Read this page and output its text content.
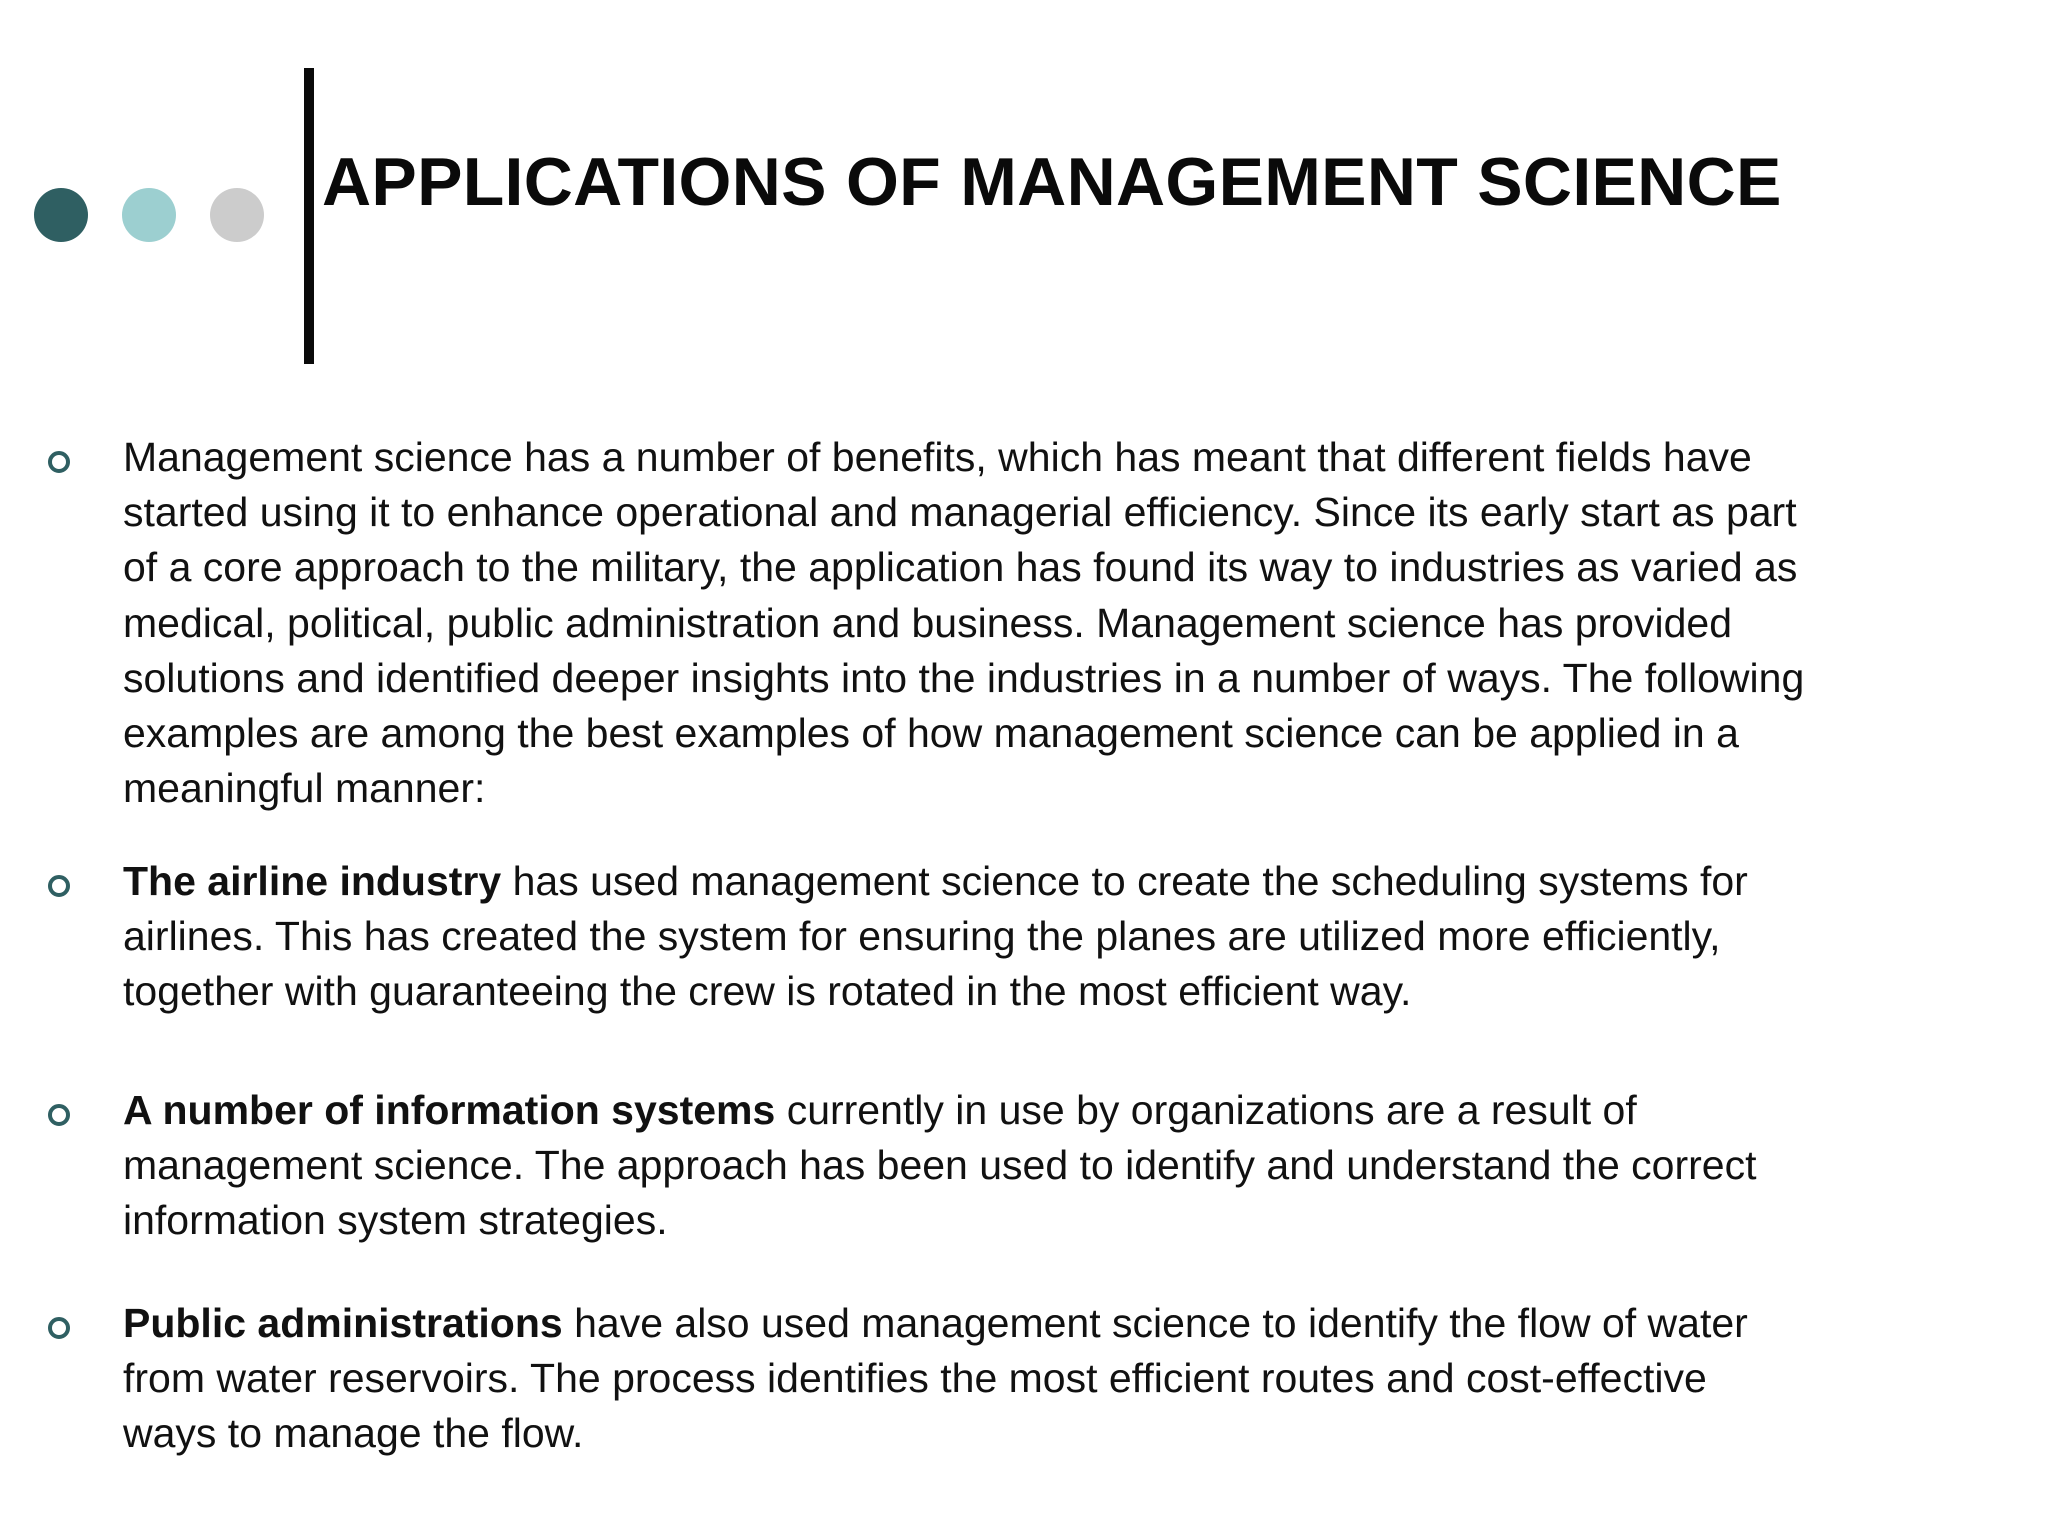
APPLICATIONS OF MANAGEMENT SCIENCE
Management science has a number of benefits, which has meant that different fields have
started using it to enhance operational and managerial efficiency. Since its early start as part
of a core approach to the military, the application has found its way to industries as varied as
medical, political, public administration and business. Management science has provided
solutions and identified deeper insights into the industries in a number of ways. The following
examples are among the best examples of how management science can be applied in a
meaningful manner:
The airline industry has used management science to create the scheduling systems for
airlines. This has created the system for ensuring the planes are utilized more efficiently,
together with guaranteeing the crew is rotated in the most efficient way.
A number of information systems currently in use by organizations are a result of
management science. The approach has been used to identify and understand the correct
information system strategies.
Public administrations have also used management science to identify the flow of water
from water reservoirs. The process identifies the most efficient routes and cost-effective
ways to manage the flow.
